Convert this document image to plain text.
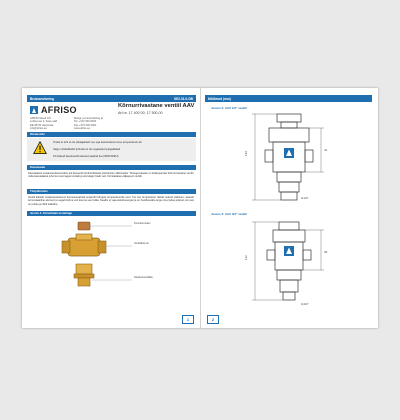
Bruksanvisning	SE2.01.0-GB
AFRISO	Kõrnurrivastane ventiil AAV
Art.nr. 17 400 00, 17 500 00
AFRISO Eesti OÜ
Lehtse tee 3, Kose vald
EE-65711 Harjumaa
info@afriso.ee
Müügi- ja tootmisühing ja
Tel. +372 000 0000
Fax +372 000 0001
www.afriso.ee
Ohutusinfo
Tootel ei tohi ei ole pikaajaliselt vee ega kasutuskoormuse temperatuuri all.
Vaigu mittekõikidel juhtudel ei ole vigastatud paigaldatud.
Kinnitatud kasutusvõimalused saadud ka (2006/42/EÜ).
Kasutusala
Kasutatakse soojaveesüsteemides kui lisaventiil toruhooldusele pöördvoolu vältimiseks. Tootega kaasas on kokkupandav kõrnurrivastane ventiil, mida kasutatakse juhul kui vesi tagasi voolab ja siis klapp hoiab vett. Kinnitatakse väljaspool ventiili.
Tööpõhimõte
Ventiil kaitseb soojaveesüsteemi kuumaveeahela soojendit kõrgete temperatuuride eest. Kui vee temperatuur ületab seatud väärtuse, avaneb termostaatiline element ja segab külma vett kuuma vee hulka. Seadis ei vaja elektrienergiat ja on hooldusvaba kogu oma tööea jooksul, kui vesi on puhas ja rõhk stabiilne.
Joonis 1: Kõrvaltrakt tootelõige
Kinnitusmutter
Ventiilkorpus
Sisekeere/välisk.
1
Mõõtmed (mm)
Joonis 2: AAV 1/2" ventiil
136
41
G1/2"
Joonis 3: AAV 3/4" ventiil
112
36
G3/4"
2
